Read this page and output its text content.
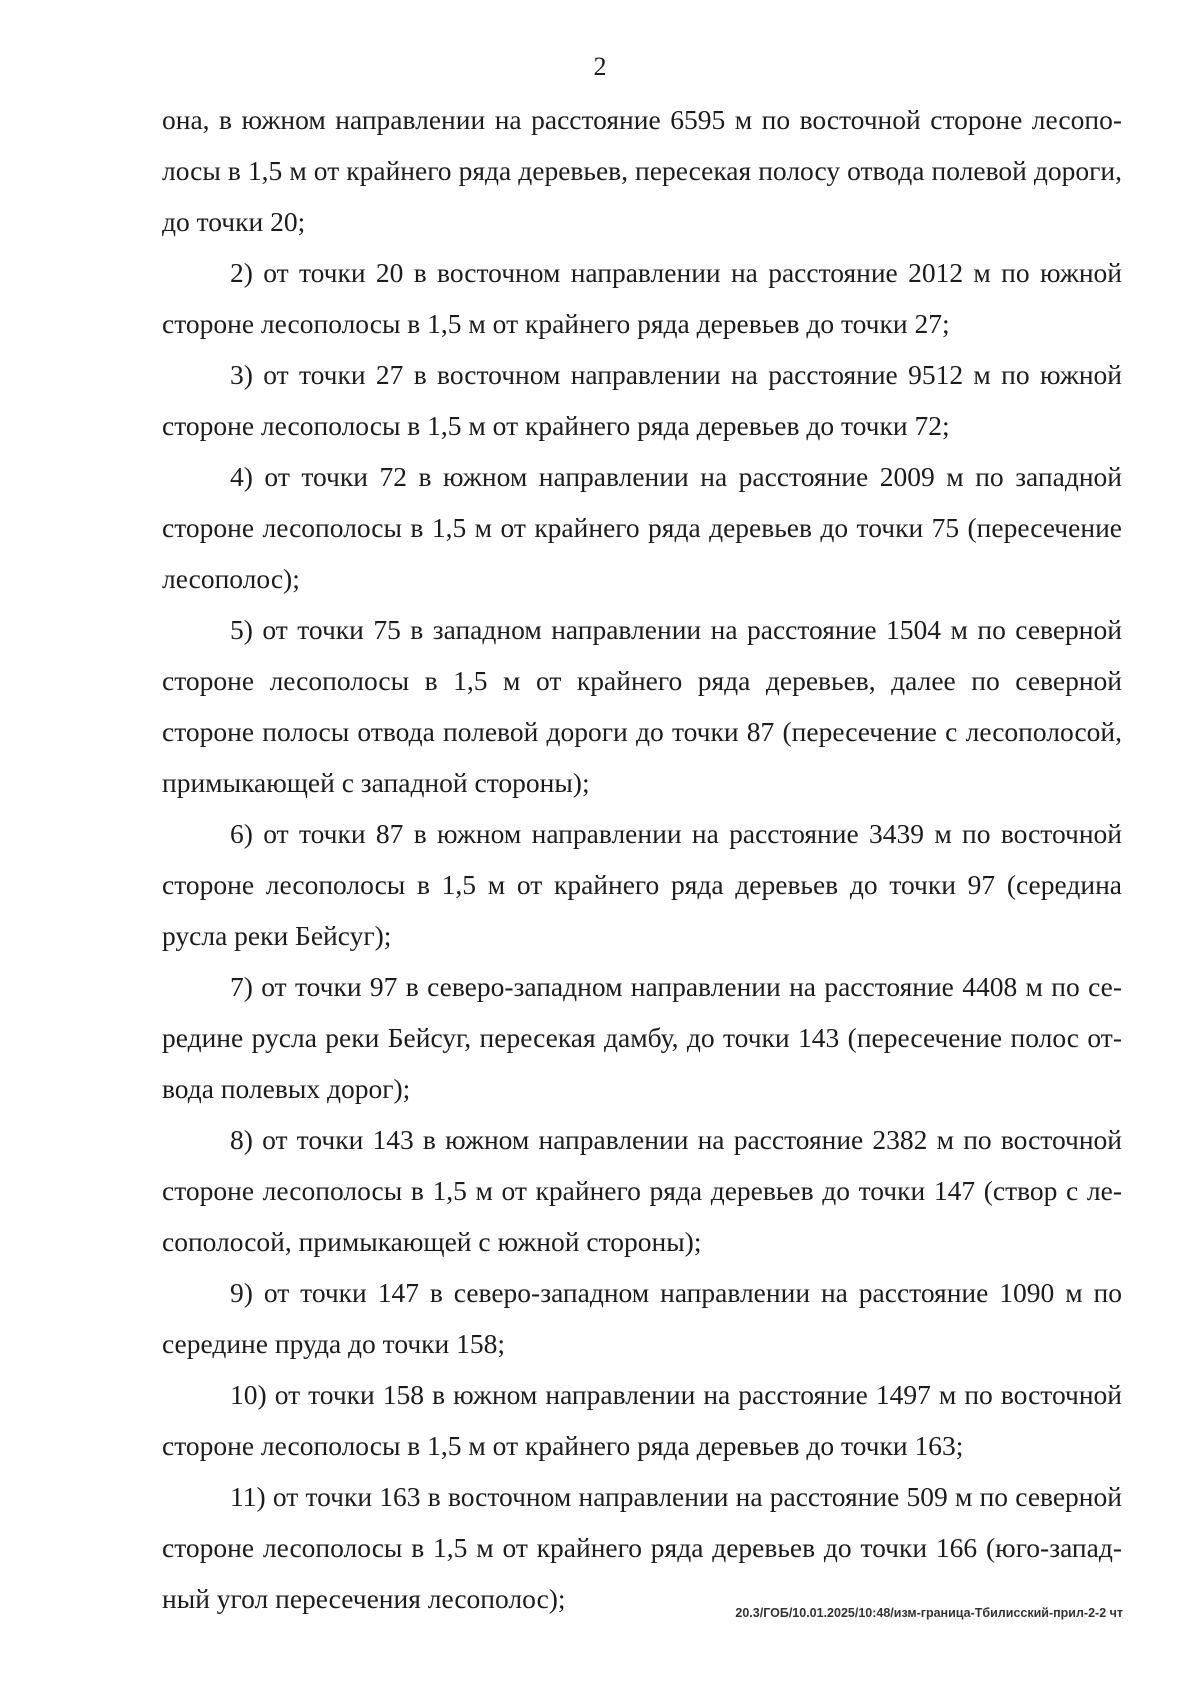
2

она, в южном направлении на расстояние 6595 м по восточной стороне лесополосы в 1,5 м от крайнего ряда деревьев, пересекая полосу отвода полевой дороги, до точки 20;

2) от точки 20 в восточном направлении на расстояние 2012 м по южной стороне лесополосы в 1,5 м от крайнего ряда деревьев до точки 27;

3) от точки 27 в восточном направлении на расстояние 9512 м по южной стороне лесополосы в 1,5 м от крайнего ряда деревьев до точки 72;

4) от точки 72 в южном направлении на расстояние 2009 м по западной стороне лесополосы в 1,5 м от крайнего ряда деревьев до точки 75 (пересечение лесополос);

5) от точки 75 в западном направлении на расстояние 1504 м по северной стороне лесополосы в 1,5 м от крайнего ряда деревьев, далее по северной стороне полосы отвода полевой дороги до точки 87 (пересечение с лесополосой, примыкающей с западной стороны);

6) от точки 87 в южном направлении на расстояние 3439 м по восточной стороне лесополосы в 1,5 м от крайнего ряда деревьев до точки 97 (середина русла реки Бейсуг);

7) от точки 97 в северо-западном направлении на расстояние 4408 м по середине русла реки Бейсуг, пересекая дамбу, до точки 143 (пересечение полос отвода полевых дорог);

8) от точки 143 в южном направлении на расстояние 2382 м по восточной стороне лесополосы в 1,5 м от крайнего ряда деревьев до точки 147 (створ с лесополосой, примыкающей с южной стороны);

9) от точки 147 в северо-западном направлении на расстояние 1090 м по середине пруда до точки 158;

10) от точки 158 в южном направлении на расстояние 1497 м по восточной стороне лесополосы в 1,5 м от крайнего ряда деревьев до точки 163;

11) от точки 163 в восточном направлении на расстояние 509 м по северной стороне лесополосы в 1,5 м от крайнего ряда деревьев до точки 166 (юго-западный угол пересечения лесополос);	20.3/ГОБ/10.01.2025/10:48/изм-граница-Тбилисский-прил-2-2 чт
